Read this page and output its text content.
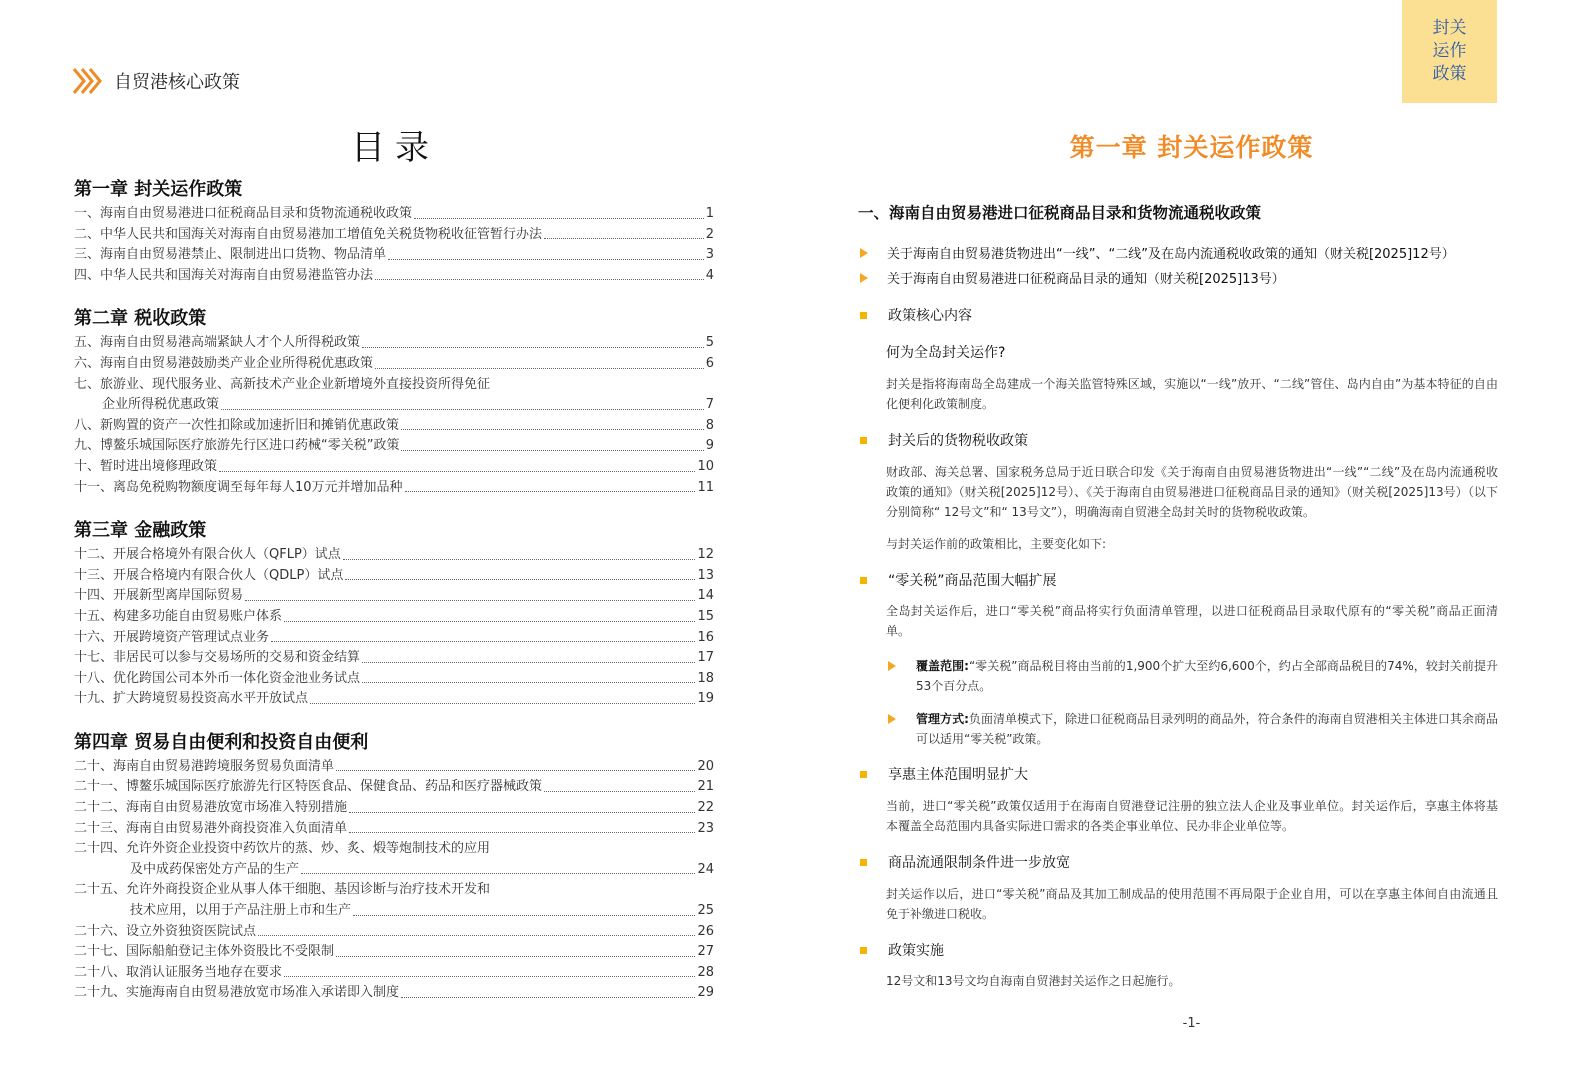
自贸港核心政策
目录
第一章 封关运作政策
一、海南自由贸易港进口征税商品目录和货物流通税收政策	1
二、中华人民共和国海关对海南自由贸易港加工增值免关税货物税收征管暂行办法	2
三、海南自由贸易港禁止、限制进出口货物、物品清单	3
四、中华人民共和国海关对海南自由贸易港监管办法	4
第二章 税收政策
五、海南自由贸易港高端紧缺人才个人所得税政策	5
六、海南自由贸易港鼓励类产业企业所得税优惠政策	6
七、旅游业、现代服务业、高新技术产业企业新增境外直接投资所得免征
企业所得税优惠政策	7
八、新购置的资产一次性扣除或加速折旧和摊销优惠政策	8
九、博鳌乐城国际医疗旅游先行区进口药械“零关税”政策	9
十、暂时进出境修理政策	10
十一、离岛免税购物额度调至每年每人10万元并增加品种	11
第三章 金融政策
十二、开展合格境外有限合伙人（QFLP）试点	12
十三、开展合格境内有限合伙人（QDLP）试点	13
十四、开展新型离岸国际贸易	14
十五、构建多功能自由贸易账户体系	15
十六、开展跨境资产管理试点业务	16
十七、非居民可以参与交易场所的交易和资金结算	17
十八、优化跨国公司本外币一体化资金池业务试点	18
十九、扩大跨境贸易投资高水平开放试点	19
第四章 贸易自由便利和投资自由便利
二十、海南自由贸易港跨境服务贸易负面清单	20
二十一、博鳌乐城国际医疗旅游先行区特医食品、保健食品、药品和医疗器械政策	21
二十二、海南自由贸易港放宽市场准入特别措施	22
二十三、海南自由贸易港外商投资准入负面清单	23
二十四、允许外资企业投资中药饮片的蒸、炒、炙、煅等炮制技术的应用
及中成药保密处方产品的生产	24
二十五、允许外商投资企业从事人体干细胞、基因诊断与治疗技术开发和
技术应用，以用于产品注册上市和生产	25
二十六、设立外资独资医院试点	26
二十七、国际船舶登记主体外资股比不受限制	27
二十八、取消认证服务当地存在要求	28
二十九、实施海南自由贸易港放宽市场准入承诺即入制度	29
封关
运作
政策
第一章 封关运作政策
一、海南自由贸易港进口征税商品目录和货物流通税收政策
关于海南自由贸易港货物进出“一线”、“二线”及在岛内流通税收政策的通知（财关税[2025]12号）
关于海南自由贸易港进口征税商品目录的通知（财关税[2025]13号）
政策核心内容
何为全岛封关运作?
封关是指将海南岛全岛建成一个海关监管特殊区域，实施以“一线”放开、“二线”管住、岛内自由”为基本特征的自由化便利化政策制度。
封关后的货物税收政策
财政部、海关总署、国家税务总局于近日联合印发《关于海南自由贸易港货物进出“一线”“二线”及在岛内流通税收政策的通知》（财关税[2025]12号）、《关于海南自由贸易港进口征税商品目录的通知》（财关税[2025]13号）（以下分别简称“ 12号文”和“ 13号文”），明确海南自贸港全岛封关时的货物税收政策。
与封关运作前的政策相比，主要变化如下:
“零关税”商品范围大幅扩展
全岛封关运作后，进口“零关税”商品将实行负面清单管理，以进口征税商品目录取代原有的“零关税”商品正面清单。
覆盖范围:“零关税”商品税目将由当前的1,900个扩大至约6,600个，约占全部商品税目的74%，较封关前提升53个百分点。
管理方式:负面清单模式下，除进口征税商品目录列明的商品外，符合条件的海南自贸港相关主体进口其余商品可以适用“零关税”政策。
享惠主体范围明显扩大
当前，进口“零关税”政策仅适用于在海南自贸港登记注册的独立法人企业及事业单位。封关运作后，享惠主体将基本覆盖全岛范围内具备实际进口需求的各类企事业单位、民办非企业单位等。
商品流通限制条件进一步放宽
封关运作以后，进口“零关税”商品及其加工制成品的使用范围不再局限于企业自用，可以在享惠主体间自由流通且免于补缴进口税收。
政策实施
12号文和13号文均自海南自贸港封关运作之日起施行。
-1-
